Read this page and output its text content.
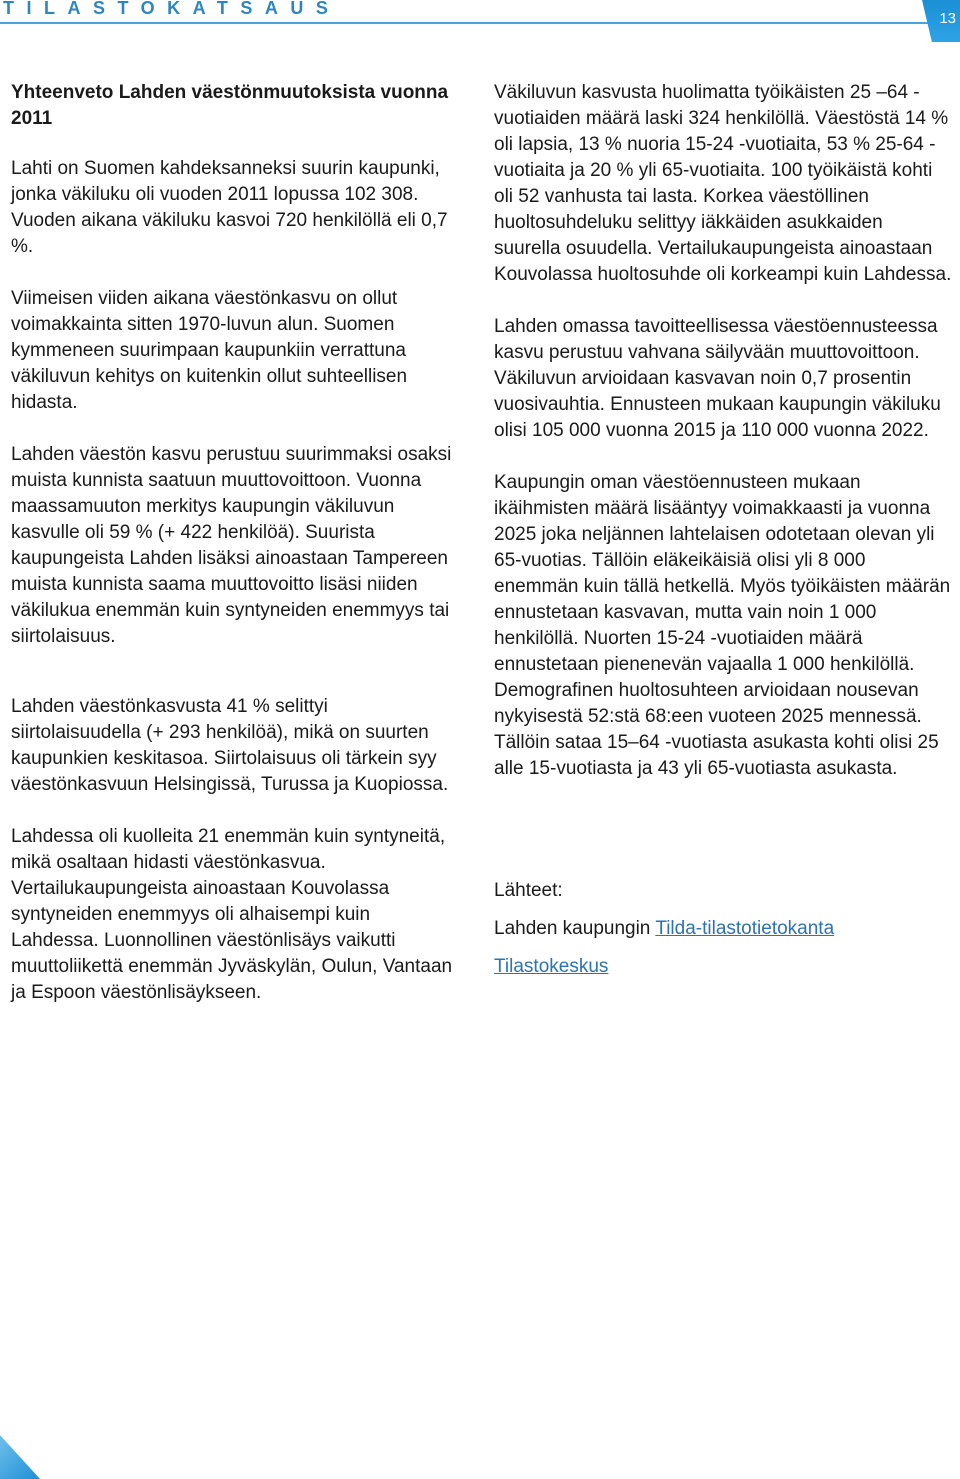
TILASTOKATSAUS
13
Yhteenveto Lahden väestönmuutoksista vuonna 2011

Lahti on Suomen kahdeksanneksi suurin kaupunki, jonka väkiluku oli vuoden 2011 lopussa 102 308. Vuoden aikana väkiluku kasvoi 720 henkilöllä eli 0,7 %.

Viimeisen viiden aikana väestönkasvu on ollut voimakkainta sitten 1970-luvun alun. Suomen kymmeneen suurimpaan kaupunkiin verrattuna väkiluvun kehitys on kuitenkin ollut suhteellisen hidasta.

Lahden väestön kasvu perustuu suurimmaksi osaksi muista kunnista saatuun muuttovoittoon. Vuonna maassamuuton merkitys kaupungin väkiluvun kasvulle oli 59 % (+ 422 henkilöä). Suurista kaupungeista Lahden lisäksi ainoastaan Tampereen muista kunnista saama muuttovoitto lisäsi niiden väkilukua enemmän kuin syntyneiden enemmyys tai siirtolaisuus.

Lahden väestönkasvusta 41 % selittyi siirtolaisuudella (+ 293 henkilöä), mikä on suurten kaupunkien keskitasoa. Siirtolaisuus oli tärkein syy väestönkasvuun Helsingissä, Turussa ja Kuopiossa.

Lahdessa oli kuolleita 21 enemmän kuin syntyneitä, mikä osaltaan hidasti väestönkasvua. Vertailukaupungeista ainoastaan Kouvolassa syntyneiden enemmyys oli alhaisempi kuin Lahdessa. Luonnollinen väestönlisäys vaikutti muuttoliikettä enemmän Jyväskylän, Oulun, Vantaan ja Espoon väestönlisäykseen.

Väkiluvun kasvusta huolimatta työikäisten 25 –64 -vuotiaiden määrä laski 324 henkilöllä. Väestöstä 14 % oli lapsia, 13 % nuoria 15-24 -vuotiaita, 53 % 25-64 -vuotiaita ja 20 % yli 65-vuotiaita. 100 työikäistä kohti oli 52 vanhusta tai lasta. Korkea väestöllinen huoltosuhdeluku selittyy iäkkäiden asukkaiden suurella osuudella. Vertailukaupungeista ainoastaan Kouvolassa huoltosuhde oli korkeampi kuin Lahdessa.

Lahden omassa tavoitteellisessa väestöennusteessa kasvu perustuu vahvana säilyvään muuttovoittoon. Väkiluvun arvioidaan kasvavan noin 0,7 prosentin vuosivauhtia. Ennusteen mukaan kaupungin väkiluku olisi 105 000 vuonna 2015 ja 110 000 vuonna 2022.

Kaupungin oman väestöennusteen mukaan ikäihmisten määrä lisääntyy voimakkaasti ja vuonna 2025 joka neljännen lahtelaisen odotetaan olevan yli 65-vuotias. Tällöin eläkeikäisiä olisi yli 8 000 enemmän kuin tällä hetkellä. Myös työikäisten määrän ennustetaan kasvavan, mutta vain noin 1 000 henkilöllä. Nuorten 15-24 -vuotiaiden määrä ennustetaan pienenevän vajaalla 1 000 henkilöllä. Demografinen huoltosuhteen arvioidaan nousevan nykyisestä 52:stä 68:een vuoteen 2025 mennessä. Tällöin sataa 15–64 -vuotiasta asukasta kohti olisi 25 alle 15-vuotiasta ja 43 yli 65-vuotiasta asukasta.

Lähteet:

Lahden kaupungin Tilda-tilastotietokanta

Tilastokeskus
